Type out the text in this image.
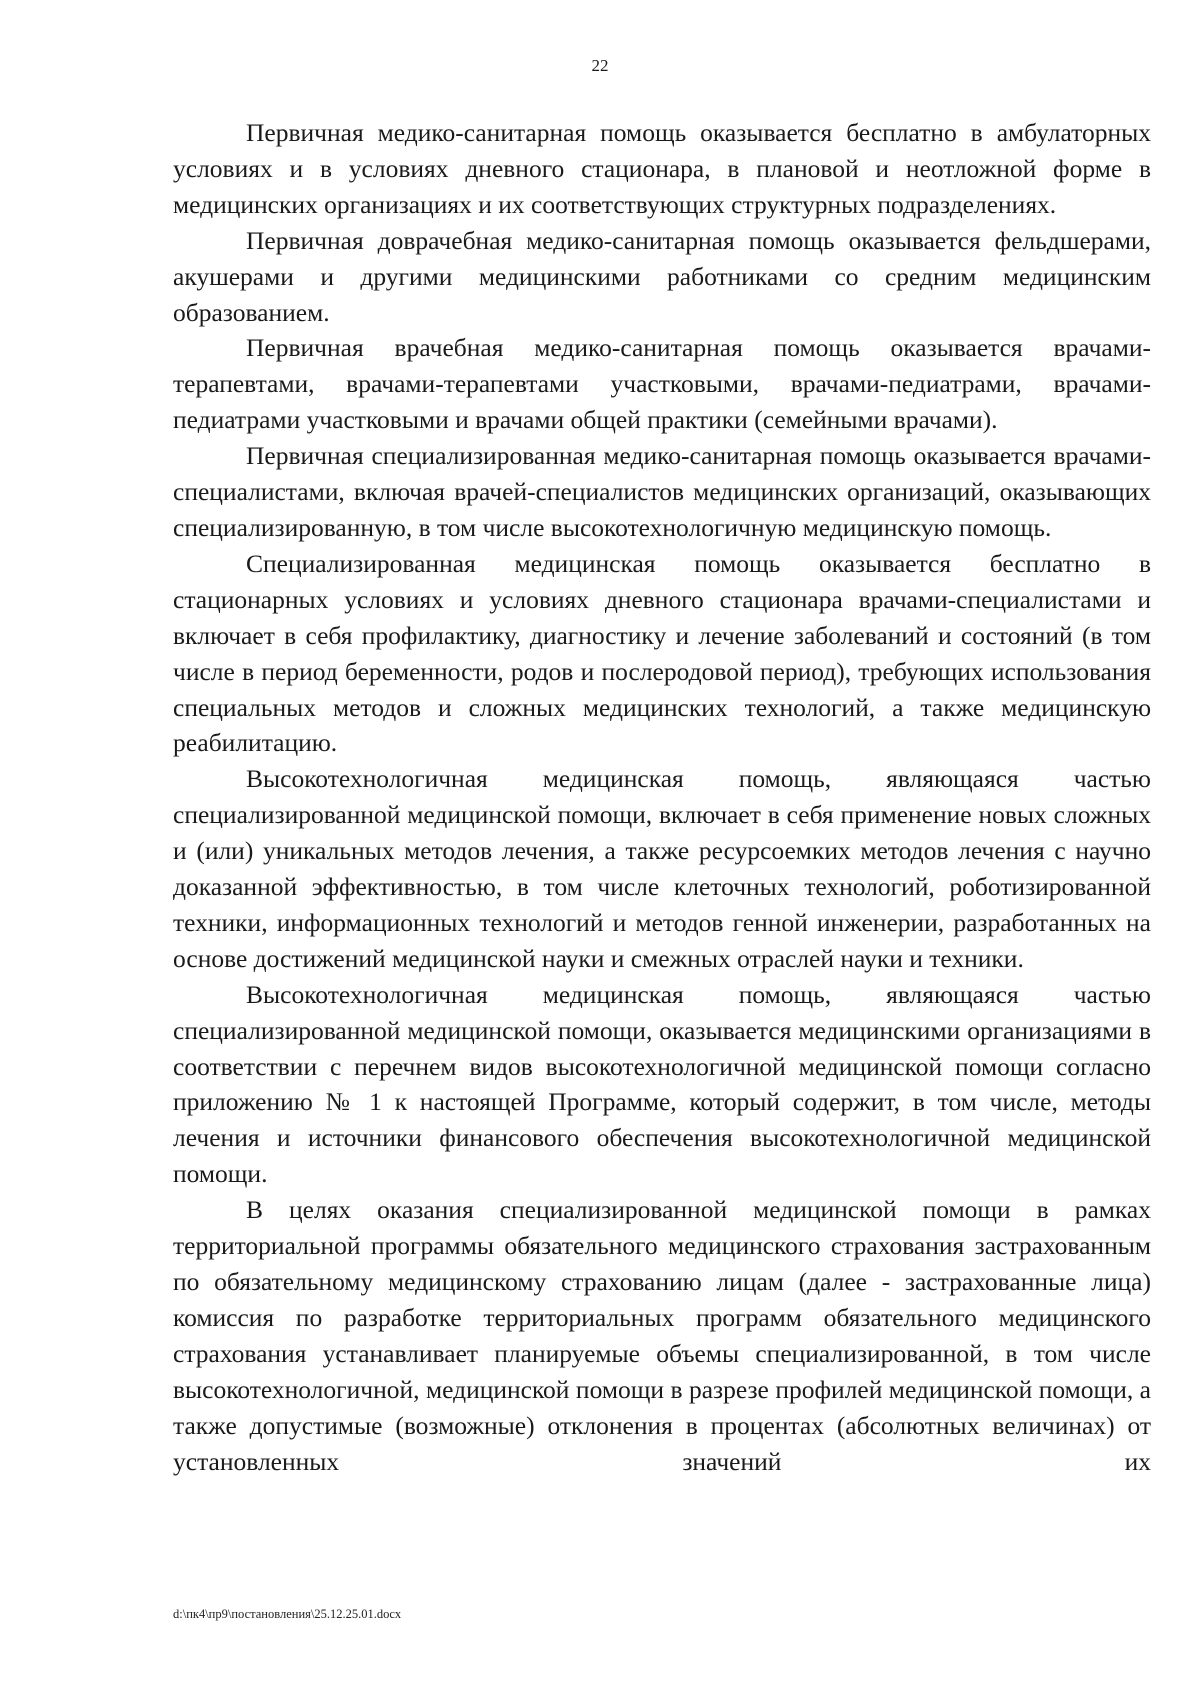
22

Первичная медико-санитарная помощь оказывается бесплатно в амбулаторных условиях и в условиях дневного стационара, в плановой и неотложной форме в медицинских организациях и их соответствующих структурных подразделениях.

Первичная доврачебная медико-санитарная помощь оказывается фельдшерами, акушерами и другими медицинскими работниками со средним медицинским образованием.

Первичная врачебная медико-санитарная помощь оказывается врачами-терапевтами, врачами-терапевтами участковыми, врачами-педиатрами, врачами-педиатрами участковыми и врачами общей практики (семейными врачами).

Первичная специализированная медико-санитарная помощь оказывается врачами-специалистами, включая врачей-специалистов медицинских организаций, оказывающих специализированную, в том числе высокотехнологичную медицинскую помощь.

Специализированная медицинская помощь оказывается бесплатно в стационарных условиях и условиях дневного стационара врачами-специалистами и включает в себя профилактику, диагностику и лечение заболеваний и состояний (в том числе в период беременности, родов и послеродовой период), требующих использования специальных методов и сложных медицинских технологий, а также медицинскую реабилитацию.

Высокотехнологичная медицинская помощь, являющаяся частью специализированной медицинской помощи, включает в себя применение новых сложных и (или) уникальных методов лечения, а также ресурсоемких методов лечения с научно доказанной эффективностью, в том числе клеточных технологий, роботизированной техники, информационных технологий и методов генной инженерии, разработанных на основе достижений медицинской науки и смежных отраслей науки и техники.

Высокотехнологичная медицинская помощь, являющаяся частью специализированной медицинской помощи, оказывается медицинскими организациями в соответствии с перечнем видов высокотехнологичной медицинской помощи согласно приложению № 1 к настоящей Программе, который содержит, в том числе, методы лечения и источники финансового обеспечения высокотехнологичной медицинской помощи.

В целях оказания специализированной медицинской помощи в рамках территориальной программы обязательного медицинского страхования застрахованным по обязательному медицинскому страхованию лицам (далее - застрахованные лица) комиссия по разработке территориальных программ обязательного медицинского страхования устанавливает планируемые объемы специализированной, в том числе высокотехнологичной, медицинской помощи в разрезе профилей медицинской помощи, а также допустимые (возможные) отклонения в процентах (абсолютных величинах) от установленных значений их

d:\пк4\пр9\постановления\25.12.25.01.docx
